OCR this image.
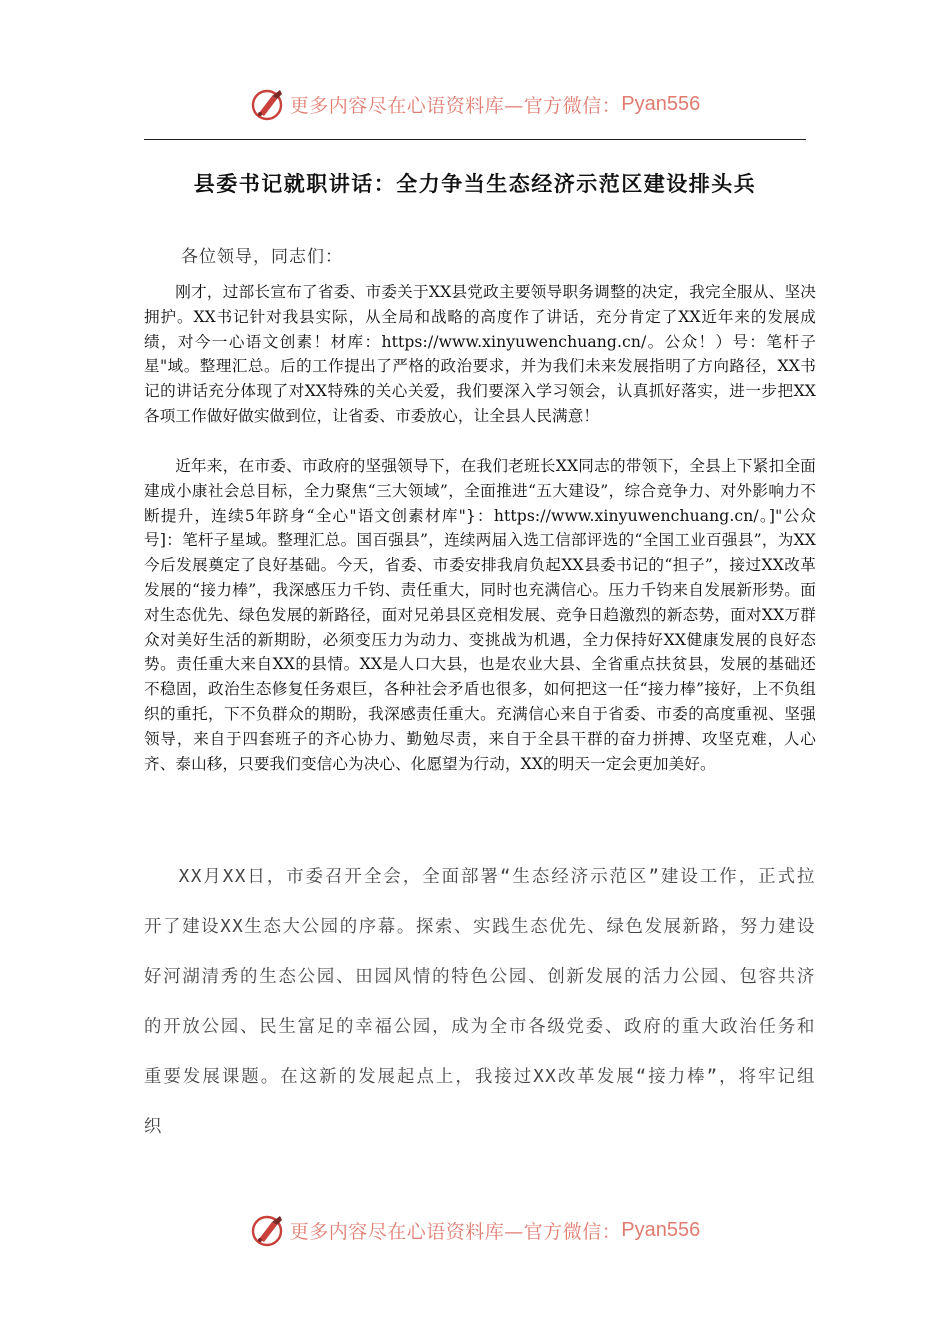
更多内容尽在心语资料库—官方微信： Pyan556
县委书记就职讲话：全力争当生态经济示范区建设排头兵
各位领导，同志们：

刚才，过部长宣布了省委、市委关于XX县党政主要领导职务调整的决定，我完全服从、坚决拥护。XX书记针对我县实际，从全局和战略的高度作了讲话，充分肯定了XX近年来的发展成绩，对今一心语文创素！材库：https://www.xinyuwenchuang.cn/。公众！）号：笔杆子星"域。整理汇总。后的工作提出了严格的政治要求，并为我们未来发展指明了方向路径，XX书记的讲话充分体现了对XX特殊的关心关爱，我们要深入学习领会，认真抓好落实，进一步把XX各项工作做好做实做到位，让省委、市委放心，让全县人民满意！

近年来，在市委、市政府的坚强领导下，在我们老班长XX同志的带领下，全县上下紧扣全面建成小康社会总目标，全力聚焦“三大领域”，全面推进“五大建设”，综合竞争力、对外影响力不断提升，连续5年跻身“全心"语文创素材库"}：https://www.xinyuwenchuang.cn/。]"公众号]：笔杆子星域。整理汇总。国百强县”，连续两届入选工信部评选的“全国工业百强县”，为XX今后发展奠定了良好基础。今天，省委、市委安排我肩负起XX县委书记的“担子”，接过XX改革发展的“接力棒”，我深感压力千钧、责任重大，同时也充满信心。压力千钧来自发展新形势。面对生态优先、绿色发展的新路径，面对兄弟县区竞相发展、竞争日趋激烈的新态势，面对XX万群众对美好生活的新期盼，必须变压力为动力、变挑战为机遇，全力保持好XX健康发展的良好态势。责任重大来自XX的县情。XX是人口大县，也是农业大县、全省重点扶贫县，发展的基础还不稳固，政治生态修复任务艰巨，各种社会矛盾也很多，如何把这一任“接力棒”接好，上不负组织的重托，下不负群众的期盼，我深感责任重大。充满信心来自于省委、市委的高度重视、坚强领导，来自于四套班子的齐心协力、勤勉尽责，来自于全县干群的奋力拼搏、攻坚克难，人心齐、泰山移，只要我们变信心为决心、化愿望为行动，XX的明天一定会更加美好。

XX月XX日，市委召开全会，全面部署“生态经济示范区”建设工作，正式拉开了建设XX生态大公园的序幕。探索、实践生态优先、绿色发展新路，努力建设好河湖清秀的生态公园、田园风情的特色公园、创新发展的活力公园、包容共济的开放公园、民生富足的幸福公园，成为全市各级党委、政府的重大政治任务和重要发展课题。在这新的发展起点上，我接过XX改革发展“接力棒”，将牢记组织

更多内容尽在心语资料库—官方微信： Pyan556
